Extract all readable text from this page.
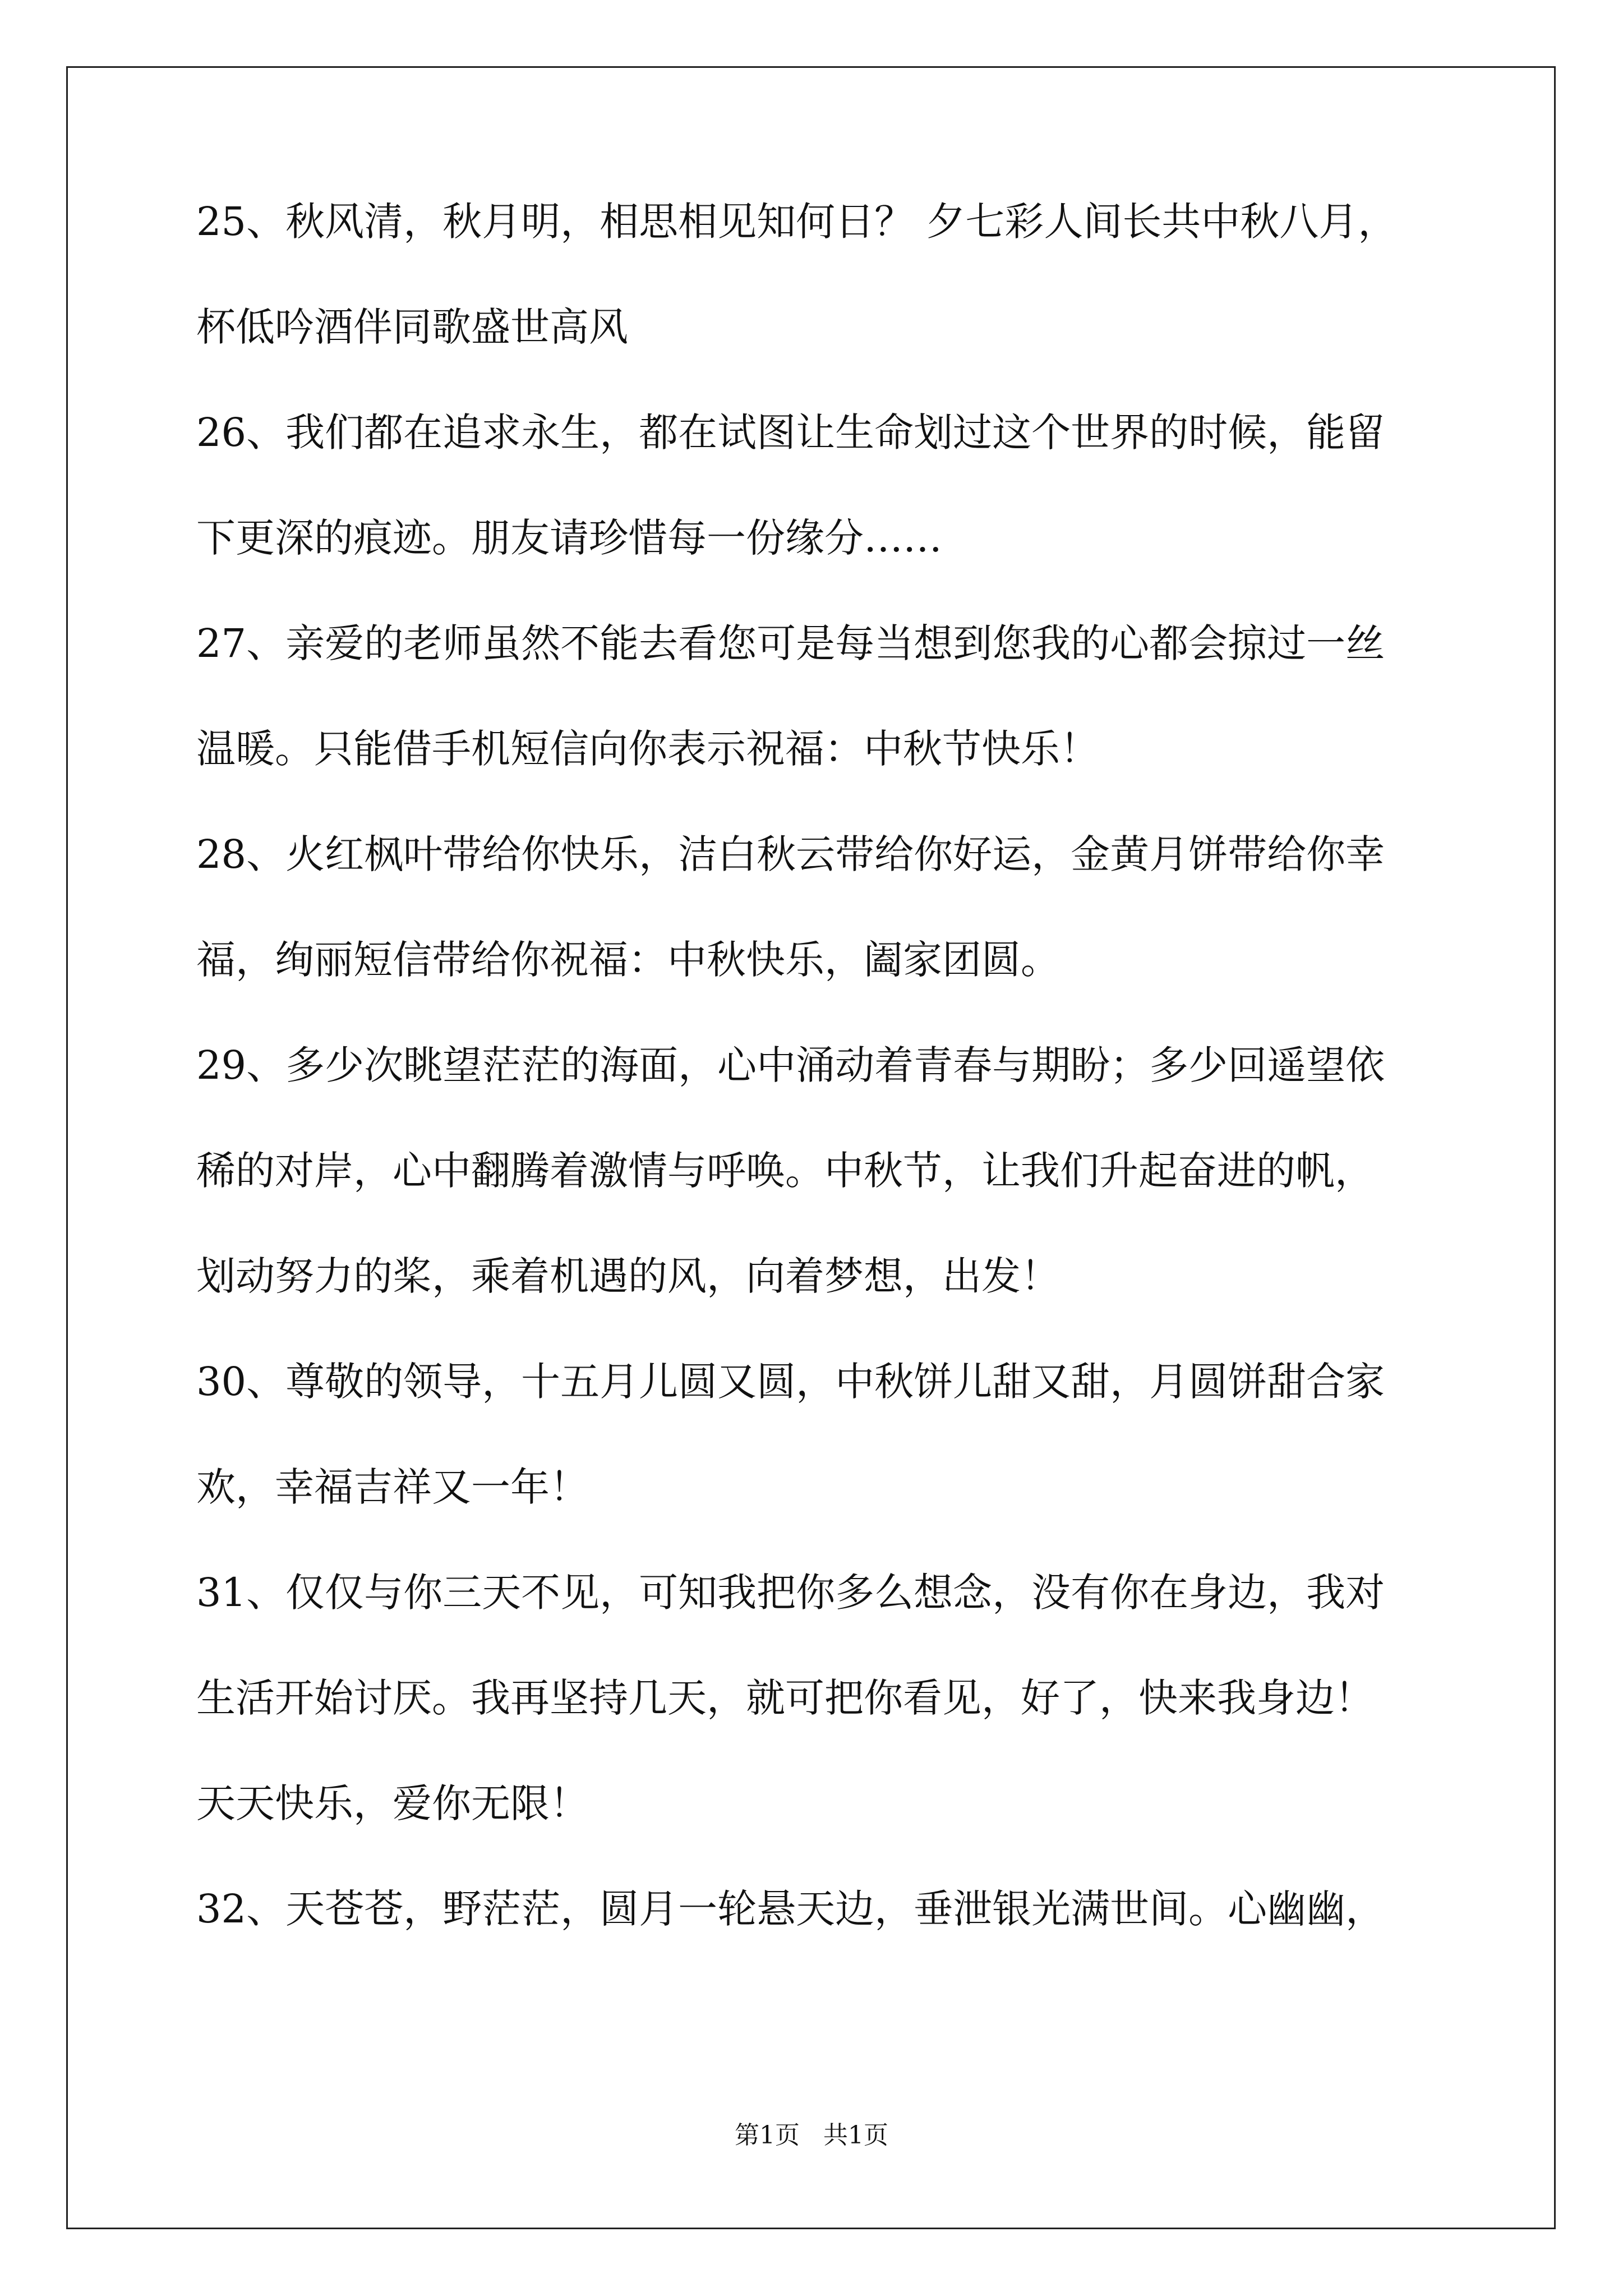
25、秋风清，秋月明，相思相见知何日？ 夕七彩人间长共中秋八月，
杯低吟酒伴同歌盛世高风
26、我们都在追求永生，都在试图让生命划过这个世界的时候，能留
下更深的痕迹。朋友请珍惜每一份缘分……
27、亲爱的老师虽然不能去看您可是每当想到您我的心都会掠过一丝
温暖。只能借手机短信向你表示祝福：中秋节快乐！
28、火红枫叶带给你快乐，洁白秋云带给你好运，金黄月饼带给你幸
福，绚丽短信带给你祝福：中秋快乐，阖家团圆。
29、多少次眺望茫茫的海面，心中涌动着青春与期盼；多少回遥望依
稀的对岸，心中翻腾着激情与呼唤。中秋节，让我们升起奋进的帆，
划动努力的桨，乘着机遇的风，向着梦想，出发！
30、尊敬的领导，十五月儿圆又圆，中秋饼儿甜又甜，月圆饼甜合家
欢，幸福吉祥又一年！
31、仅仅与你三天不见，可知我把你多么想念，没有你在身边，我对
生活开始讨厌。我再坚持几天，就可把你看见，好了，快来我身边！
天天快乐，爱你无限！
32、天苍苍，野茫茫，圆月一轮悬天边，垂泄银光满世间。心幽幽，
第1页   共1页
